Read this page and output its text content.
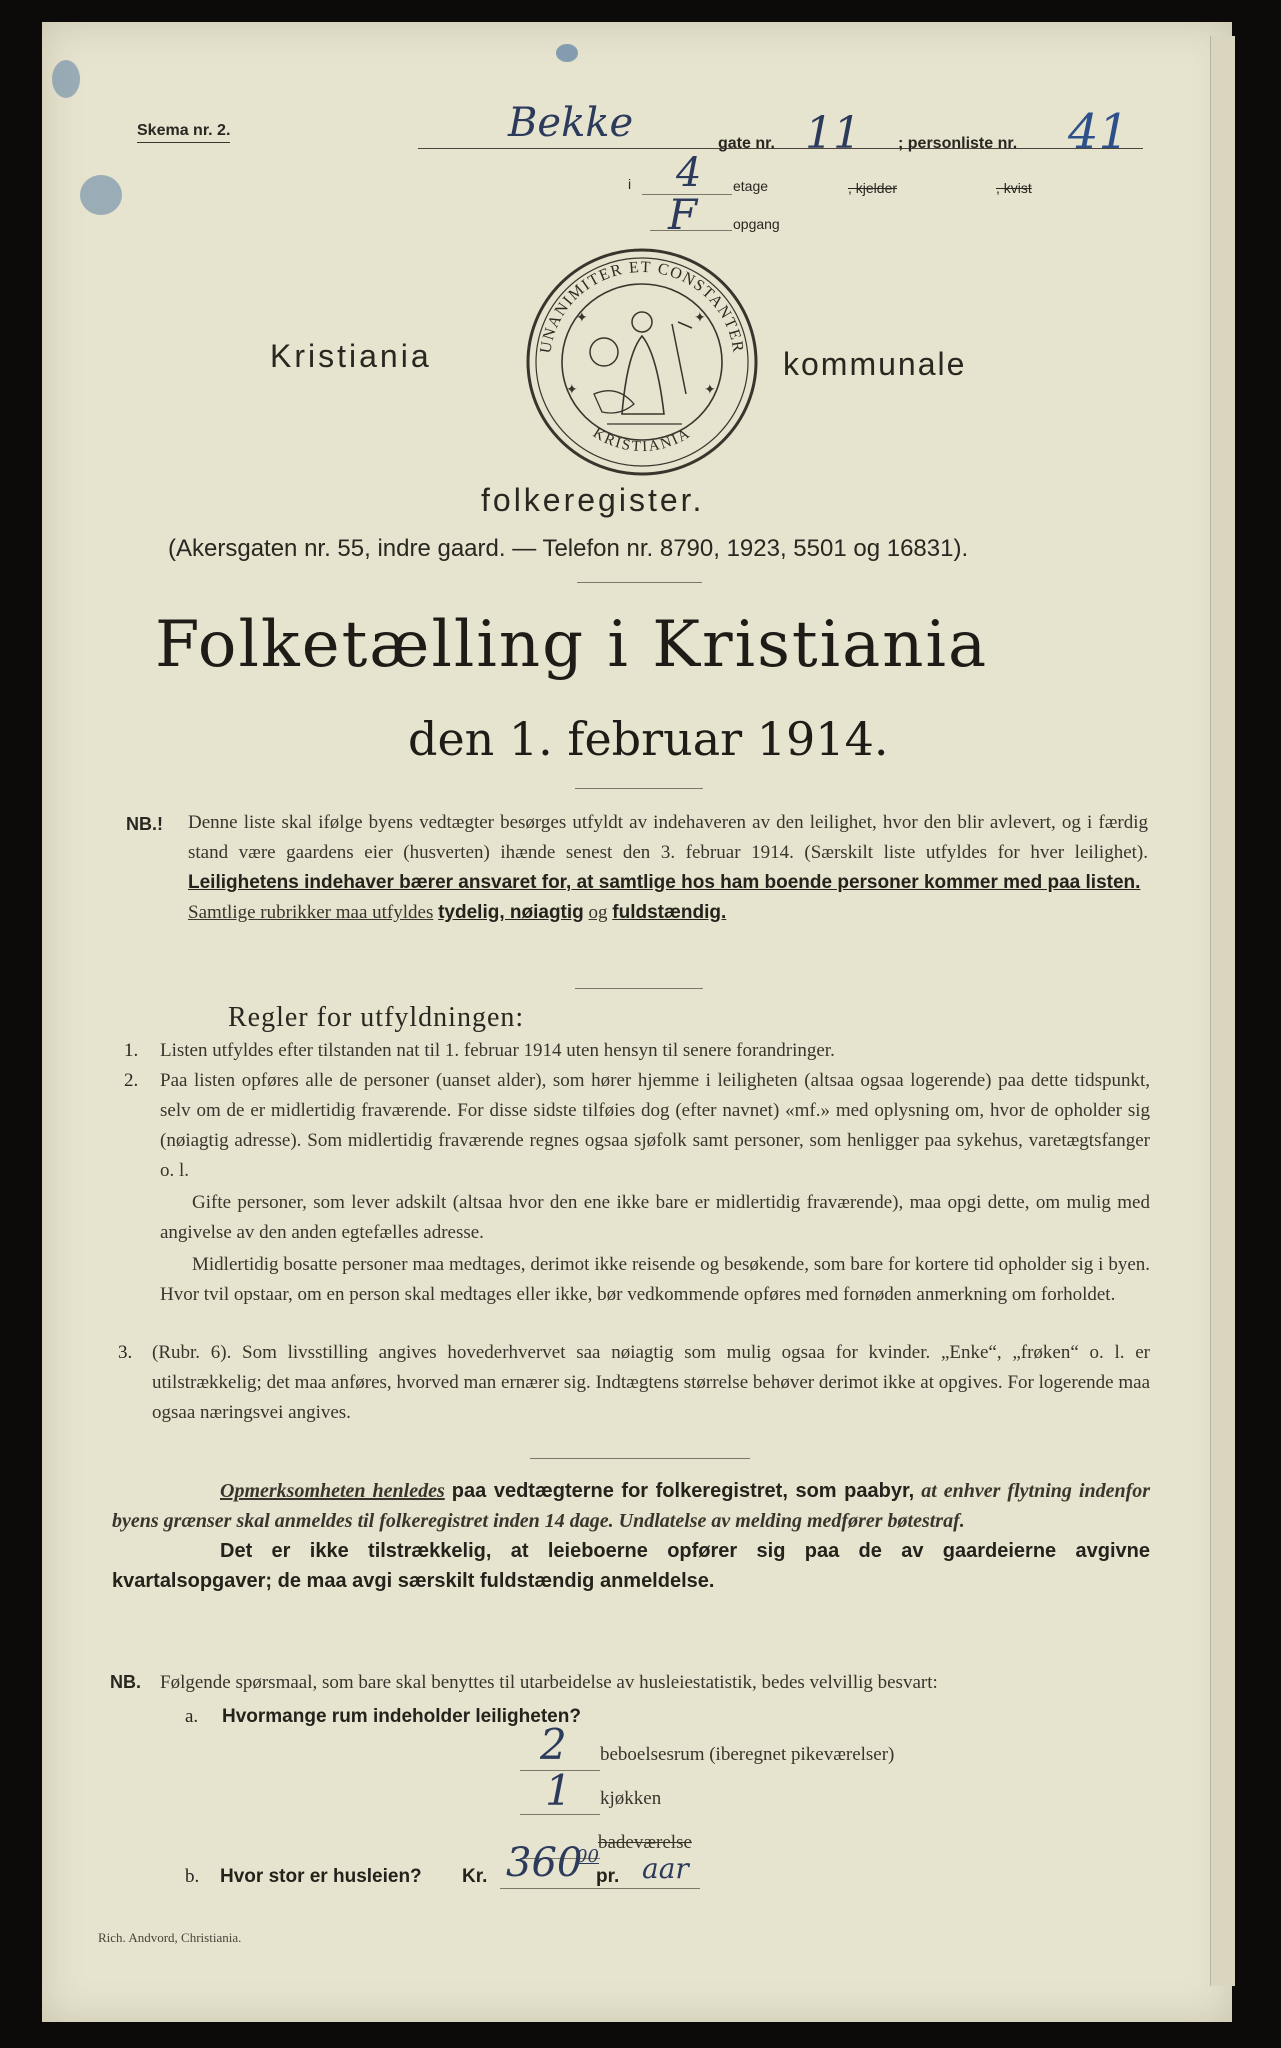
Skema nr. 2.	Bekke	gate nr. 11 ; personliste nr. 41
i 4 etage	, kjelder	, kvist
F	opgang
UNANIMITER ET CONSTANTER
KRISTIANIA
✦	✦
✦	✦
Kristiania	kommunale
folkeregister.
(Akersgaten nr. 55, indre gaard. — Telefon nr. 8790, 1923, 5501 og 16831).
Folketælling i Kristiania
den 1. februar 1914.
NB.! Denne liste skal ifølge byens vedtægter besørges utfyldt av indehaveren av den leilighet, hvor den blir avlevert, og i færdig stand være gaardens eier (husverten) ihænde senest den 3. februar 1914. (Særskilt liste utfyldes for hver leilighet). Leilighetens indehaver bærer ansvaret for, at samtlige hos ham boende personer kommer med paa listen.

Samtlige rubrikker maa utfyldes tydelig, nøiagtig og fuldstændig.

Regler for utfyldningen:
1. Listen utfyldes efter tilstanden nat til 1. februar 1914 uten hensyn til senere forandringer.
2. Paa listen opføres alle de personer (uanset alder), som hører hjemme i leiligheten (altsaa ogsaa logerende) paa dette tidspunkt, selv om de er midlertidig fraværende. For disse sidste tilføies dog (efter navnet) «mf.» med oplysning om, hvor de opholder sig (nøiagtig adresse). Som midlertidig fraværende regnes ogsaa sjøfolk samt personer, som henligger paa sykehus, varetægtsfanger o. l.
Gifte personer, som lever adskilt (altsaa hvor den ene ikke bare er midlertidig fraværende), maa opgi dette, om mulig med angivelse av den anden egtefælles adresse.
Midlertidig bosatte personer maa medtages, derimot ikke reisende og besøkende, som bare for kortere tid opholder sig i byen. Hvor tvil opstaar, om en person skal medtages eller ikke, bør vedkommende opføres med fornøden anmerkning om forholdet.
3. (Rubr. 6). Som livsstilling angives hovederhvervet saa nøiagtig som mulig ogsaa for kvinder. „Enke“, „frøken“ o. l. er utilstrækkelig; det maa anføres, hvorved man ernærer sig. Indtægtens størrelse behøver derimot ikke at opgives. For logerende maa ogsaa næringsvei angives.

Opmerksomheten henledes paa vedtægterne for folkeregistret, som paabyr, at enhver flytning indenfor byens grænser skal anmeldes til folkeregistret inden 14 dage. Undlatelse av melding medfører bøtestraf.

Det er ikke tilstrækkelig, at leieboerne opfører sig paa de av gaardeierne avgivne kvartalsopgaver; de maa avgi særskilt fuldstændig anmeldelse.

NB. Følgende spørsmaal, som bare skal benyttes til utarbeidelse av husleiestatistik, bedes velvillig besvart:
a. Hvormange rum indeholder leiligheten?
2 beboelsesrum (iberegnet pikeværelser)
1 kjøkken
badeværelse
b. Hvor stor er husleien? Kr. 360
00
pr. aar
Rich. Andvord, Christiania.
